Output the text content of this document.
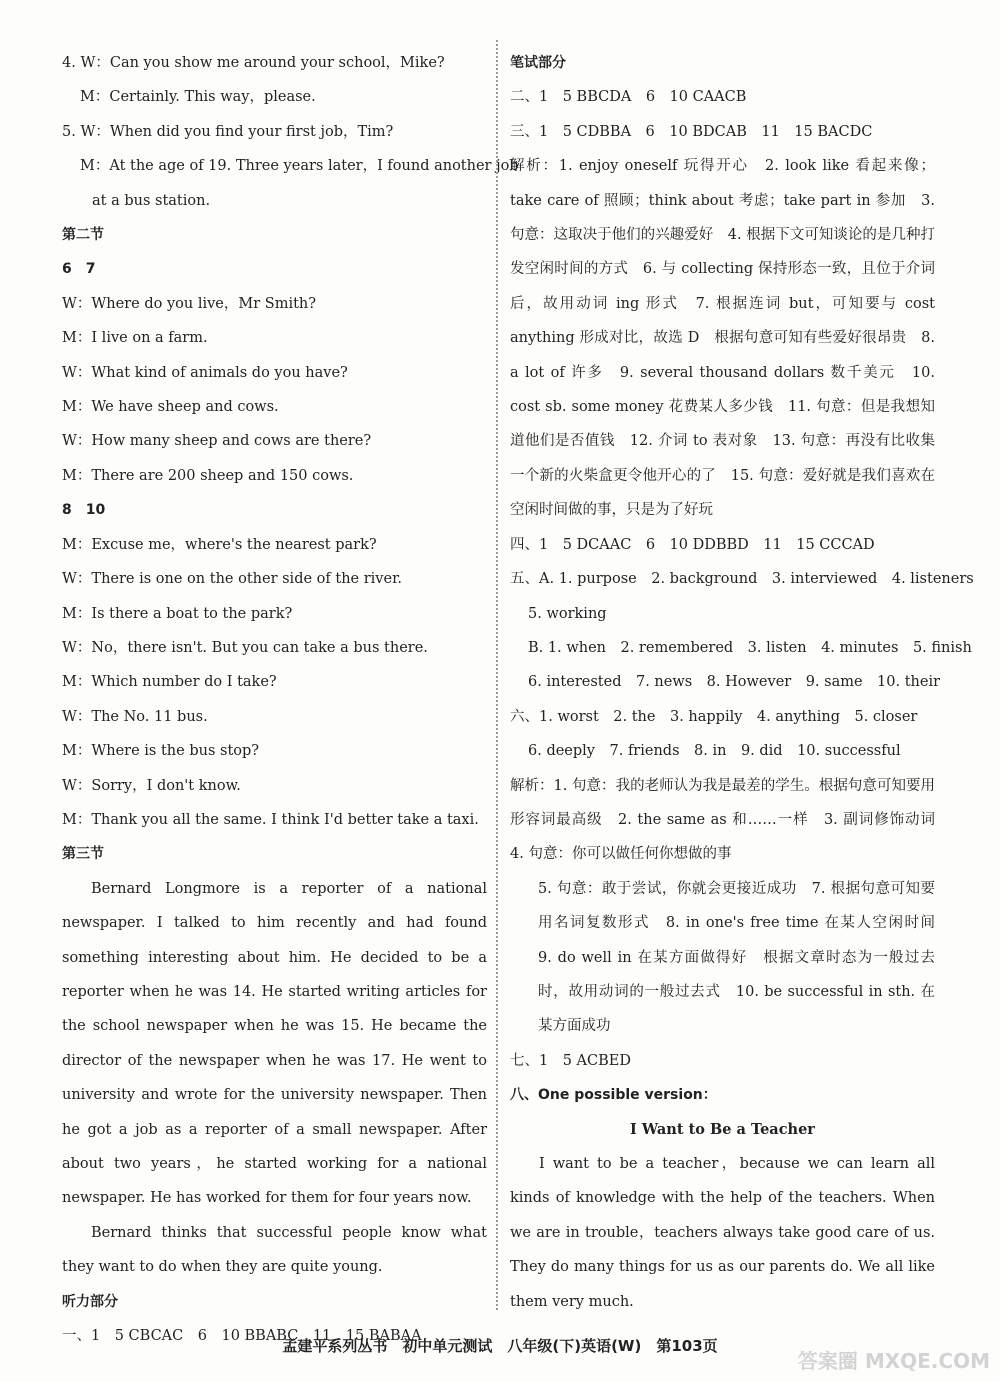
4. W：Can you show me around your school，Mike?
M：Certainly. This way，please.
5. W：When did you find your first job，Tim?
M：At the age of 19. Three years later，I found another job
at a bus station.
第二节
6　7
W：Where do you live，Mr Smith?
M：I live on a farm.
W：What kind of animals do you have?
M：We have sheep and cows.
W：How many sheep and cows are there?
M：There are 200 sheep and 150 cows.
8　10
M：Excuse me，where's the nearest park?
W：There is one on the other side of the river.
M：Is there a boat to the park?
W：No，there isn't. But you can take a bus there.
M：Which number do I take?
W：The No. 11 bus.
M：Where is the bus stop?
W：Sorry，I don't know.
M：Thank you all the same. I think I'd better take a taxi.
第三节
Bernard Longmore is a reporter of a national newspaper. I talked to him recently and had found something interesting about him. He decided to be a reporter when he was 14. He started writing articles for the school newspaper when he was 15. He became the director of the newspaper when he was 17. He went to university and wrote for the university newspaper. Then he got a job as a reporter of a small newspaper. After about two years，he started working for a national newspaper. He has worked for them for four years now.
Bernard thinks that successful people know what they want to do when they are quite young.
听力部分
一、1　5 CBCAC　6　10 BBABC　11　15 BABAA
笔试部分
二、1　5 BBCDA　6　10 CAACB
三、1　5 CDBBA　6　10 BDCAB　11　15 BACDC
解析：1. enjoy oneself 玩得开心　2. look like 看起来像；take care of 照顾；think about 考虑；take part in 参加　3. 句意：这取决于他们的兴趣爱好　4. 根据下文可知谈论的是几种打发空闲时间的方式　6. 与 collecting 保持形态一致，且位于介词后，故用动词 ing 形式　7. 根据连词 but，可知要与 cost anything 形成对比，故选 D　根据句意可知有些爱好很昂贵　8. a lot of 许多　9. several thousand dollars 数千美元　10. cost sb. some money 花费某人多少钱　11. 句意：但是我想知道他们是否值钱　12. 介词 to 表对象　13. 句意：再没有比收集一个新的火柴盒更令他开心的了　15. 句意：爱好就是我们喜欢在空闲时间做的事，只是为了好玩
四、1　5 DCAAC　6　10 DDBBD　11　15 CCCAD
五、A. 1. purpose　2. background　3. interviewed　4. listeners
5. working
B. 1. when　2. remembered　3. listen　4. minutes　5. finish
6. interested　7. news　8. However　9. same　10. their
六、1. worst　2. the　3. happily　4. anything　5. closer
6. deeply　7. friends　8. in　9. did　10. successful
解析：1. 句意：我的老师认为我是最差的学生。根据句意可知要用形容词最高级　2. the same as 和……一样　3. 副词修饰动词　4. 句意：你可以做任何你想做的事
5. 句意：敢于尝试，你就会更接近成功　7. 根据句意可知要用名词复数形式　8. in one's free time 在某人空闲时间　9. do well in 在某方面做得好　根据文章时态为一般过去时，故用动词的一般过去式　10. be successful in sth. 在某方面成功
七、1　5 ACBED
八、One possible version：
I Want to Be a Teacher
I want to be a teacher，because we can learn all kinds of knowledge with the help of the teachers. When we are in trouble，teachers always take good care of us. They do many things for us as our parents do. We all like them very much.
孟建平系列丛书　初中单元测试　八年级(下)英语(W)　第103页
答案圈 MXQE.COM
